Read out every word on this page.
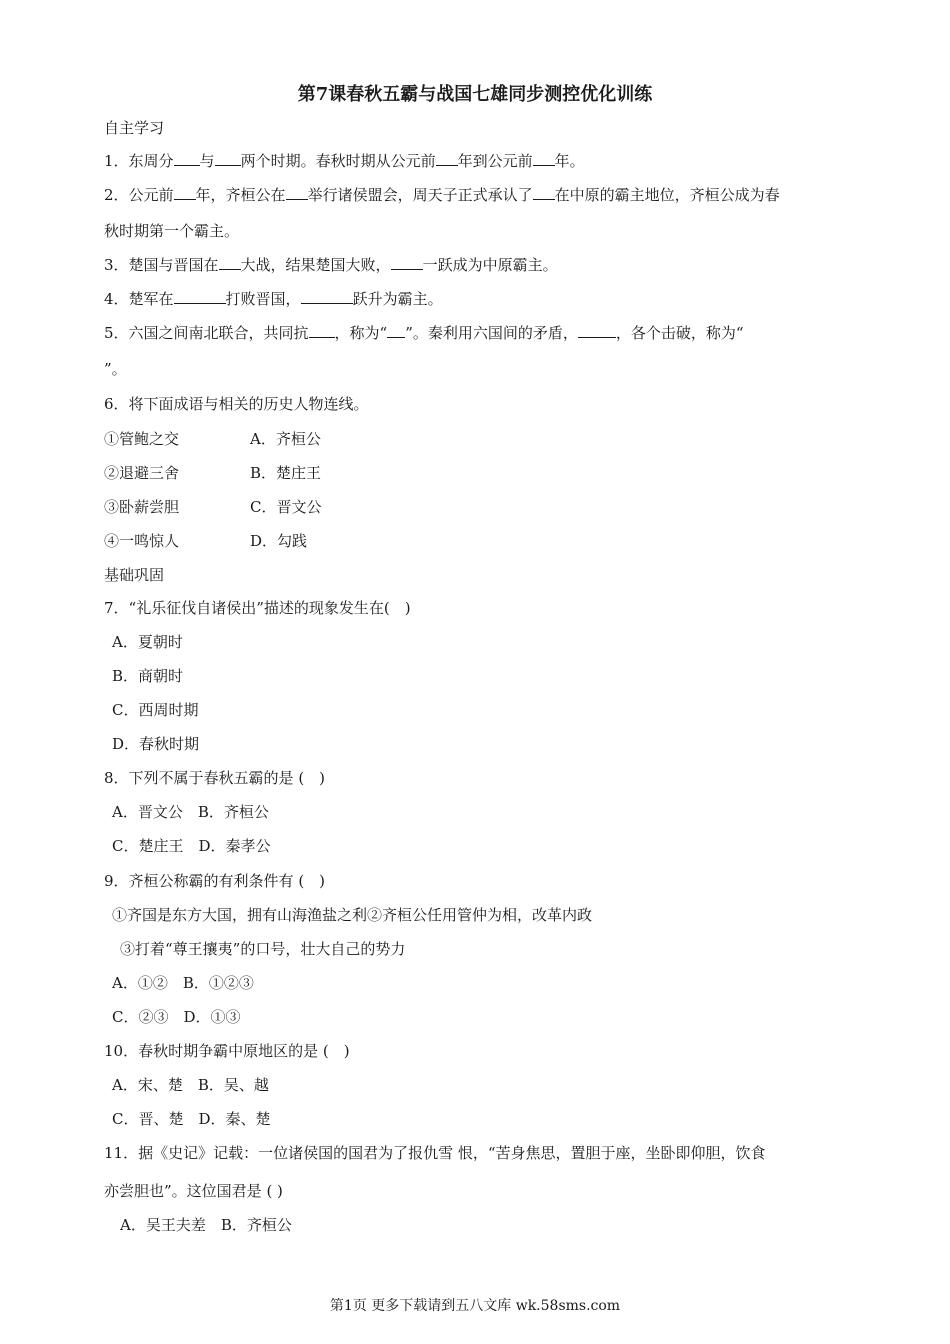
第7课春秋五霸与战国七雄同步测控优化训练
自主学习
1．东周分 与 两个时期。春秋时期从公元前 年到公元前 年。
2．公元前 年，齐桓公在 举行诸侯盟会，周天子正式承认了 在中原的霸主地位，齐桓公成为春
秋时期第一个霸主。
3．楚国与晋国在 大战，结果楚国大败， 一跃成为中原霸主。
4．楚军在	打败晋国，	跃升为霸主。
5．六国之间南北联合，共同抗 ，称为“ ”。秦利用六国间的矛盾，	，各个击破，称为“
”。
6．将下面成语与相关的历史人物连线。
①管鲍之交	A．齐桓公
②退避三舍	B．楚庄王
③卧薪尝胆	C．晋文公
④一鸣惊人	D．勾践
基础巩固
7．“礼乐征伐自诸侯出”描述的现象发生在(　)
A．夏朝时
B．商朝时
C．西周时期
D．春秋时期
8．下列不属于春秋五霸的是 (　)
A．晋文公　B．齐桓公
C．楚庄王　D．秦孝公
9．齐桓公称霸的有利条件有 (　)
①齐国是东方大国，拥有山海渔盐之利②齐桓公任用管仲为相，改革内政
③打着“尊王攘夷”的口号，壮大自己的势力
A．①②　B．①②③
C．②③　D．①③
10．春秋时期争霸中原地区的是 (　)
A．宋、楚　B．吴、越
C．晋、楚　D．秦、楚
11．据《史记》记载：一位诸侯国的国君为了报仇雪 恨，“苦身焦思，置胆于座，坐卧即仰胆，饮食
亦尝胆也”。这位国君是 ( )
A．吴王夫差　B．齐桓公
第1页 更多下载请到五八文库 wk.58sms.com
